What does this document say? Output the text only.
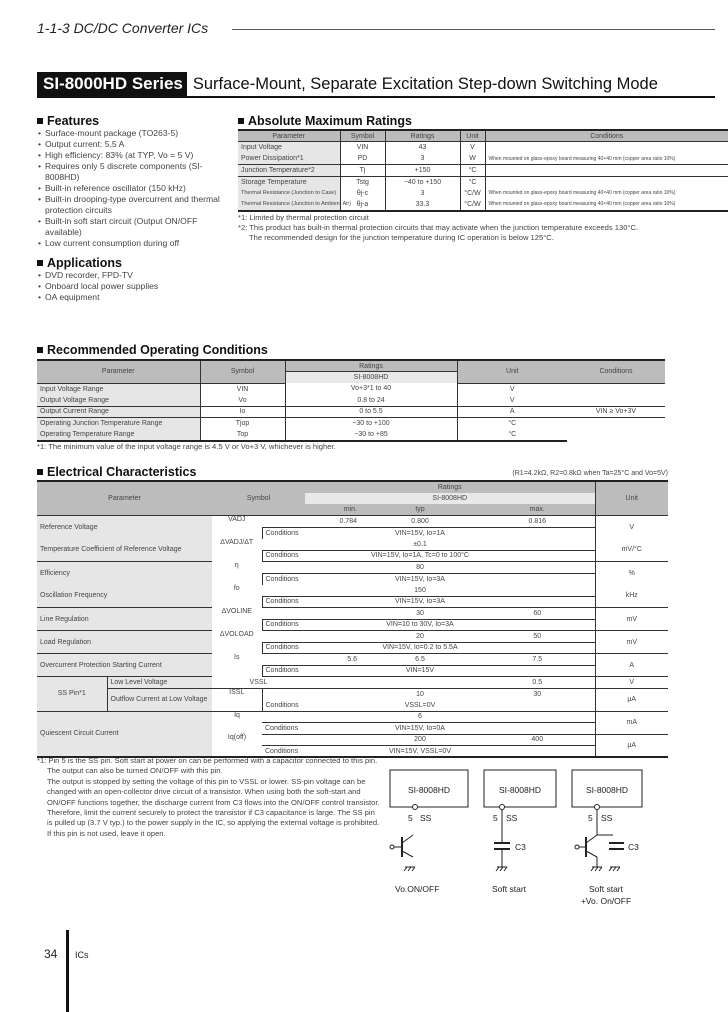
1-1-3 DC/DC Converter ICs
SI-8000HD Series Surface-Mount, Separate Excitation Step-down Switching Mode
Features
• Surface-mount package (TO263-5)
• Output current: 5.5 A
• High efficiency: 83% (at TYP, Vo = 5 V)
• Requires only 5 discrete components (SI-8008HD)
• Built-in reference oscillator (150 kHz)
• Built-in drooping-type overcurrent and thermal protection circuits
• Built-in soft start circuit (Output ON/OFF available)
• Low current consumption during off
Applications
• DVD recorder, FPD-TV
• Onboard local power supplies
• OA equipment
Absolute Maximum Ratings
Parameter	Symbol	Ratings	Unit	Conditions
Input Voltage	VIN	43	V	
Power Dissipation*1	PD	3	W	When mounted on glass-epoxy board measuring 40×40 mm (copper area ratio 10%)
Junction Temperature*2	Tj	+150	°C	
Storage Temperature	Tstg	−40 to +150	°C	
Thermal Resistance (Junction to Case)	θj-c	3	°C/W	When mounted on glass-epoxy board measuring 40×40 mm (copper area ratio 10%)
Thermal Resistance (Junction to Ambient Air)	θj-a	33.3	°C/W	When mounted on glass-epoxy board measuring 40×40 mm (copper area ratio 10%)
*1: Limited by thermal protection circuit
*2: This product has built-in thermal protection circuits that may activate when the junction temperature exceeds 130°C.
The recommended design for the junction temperature during IC operation is below 125°C.
Recommended Operating Conditions
Parameter	Symbol	Ratings	Unit	Conditions
		SI-8008HD		
Input Voltage Range	VIN	Vo+3*1 to 40	V	
Output Voltage Range	Vo	0.8 to 24	V	
Output Current Range	Io	0 to 5.5	A	VIN ≥ Vo+3V
Operating Junction Temperature Range	Tjop	−30 to +100	°C	
Operating Temperature Range	Top	−30 to +85	°C	
*1: The minimum value of the input voltage range is 4.5 V or Vo+3 V, whichever is higher.
Electrical Characteristics	(R1=4.2kΩ, R2=0.8kΩ when Ta=25°C and Vo=5V)
Parameter		Symbol		Ratings			Unit
				SI-8008HD			
				min.	typ	max.	
Reference Voltage		VADJ		0.784	0.800	0.816	V
			Conditions		VIN=15V, Io=1A		
Temperature Coefficient of Reference Voltage		ΔVADJ/ΔT			±0.1		mV/°C
			Conditions		VIN=15V, Io=1A, Tc=0 to 100°C		
Efficiency		η			80		%
			Conditions		VIN=15V, Io=3A		
Oscillation Frequency		fo			150		kHz
			Conditions		VIN=15V, Io=3A		
Line Regulation		ΔVOLINE			30	60	mV
			Conditions		VIN=10 to 30V, Io=3A		
Load Regulation		ΔVOLOAD			20	50	mV
			Conditions		VIN=15V, Io=0.2 to 5.5A		
Overcurrent Protection Starting Current		Is		5.6	6.5	7.5	A
			Conditions		VIN=15V		
SS Pin*1	Low Level Voltage	VSSL				0.5	V
	Outflow Current at Low Voltage	ISSL			10	30	μA
			Conditions		VSSL=0V		
Quiescent Circuit Current		Iq			6		mA
			Conditions		VIN=15V, Io=0A		
		Iq(off)			200	400	μA
			Conditions		VIN=15V, VSSL=0V		
*1: Pin 5 is the SS pin. Soft start at power on can be performed with a capacitor connected to this pin. The output can also be turned ON/OFF with this pin.
The output is stopped by setting the voltage of this pin to VSSL or lower. SS-pin voltage can be changed with an open-collector drive circuit of a transistor. When using both the soft-start and ON/OFF functions together, the discharge current from C3 flows into the ON/OFF control transistor. Therefore, limit the current securely to protect the transistor if C3 capacitance is large. The SS pin is pulled up (3.7 V typ.) to the power supply in the IC, so applying the external voltage is prohibited. If this pin is not used, leave it open.
SI-8008HD
5 SS
Vo.ON/OFF
SI-8008HD
5 SS
C3
Soft start
SI-8008HD
5 SS
C3
Soft start
+Vo. On/OFF
34 ICs
